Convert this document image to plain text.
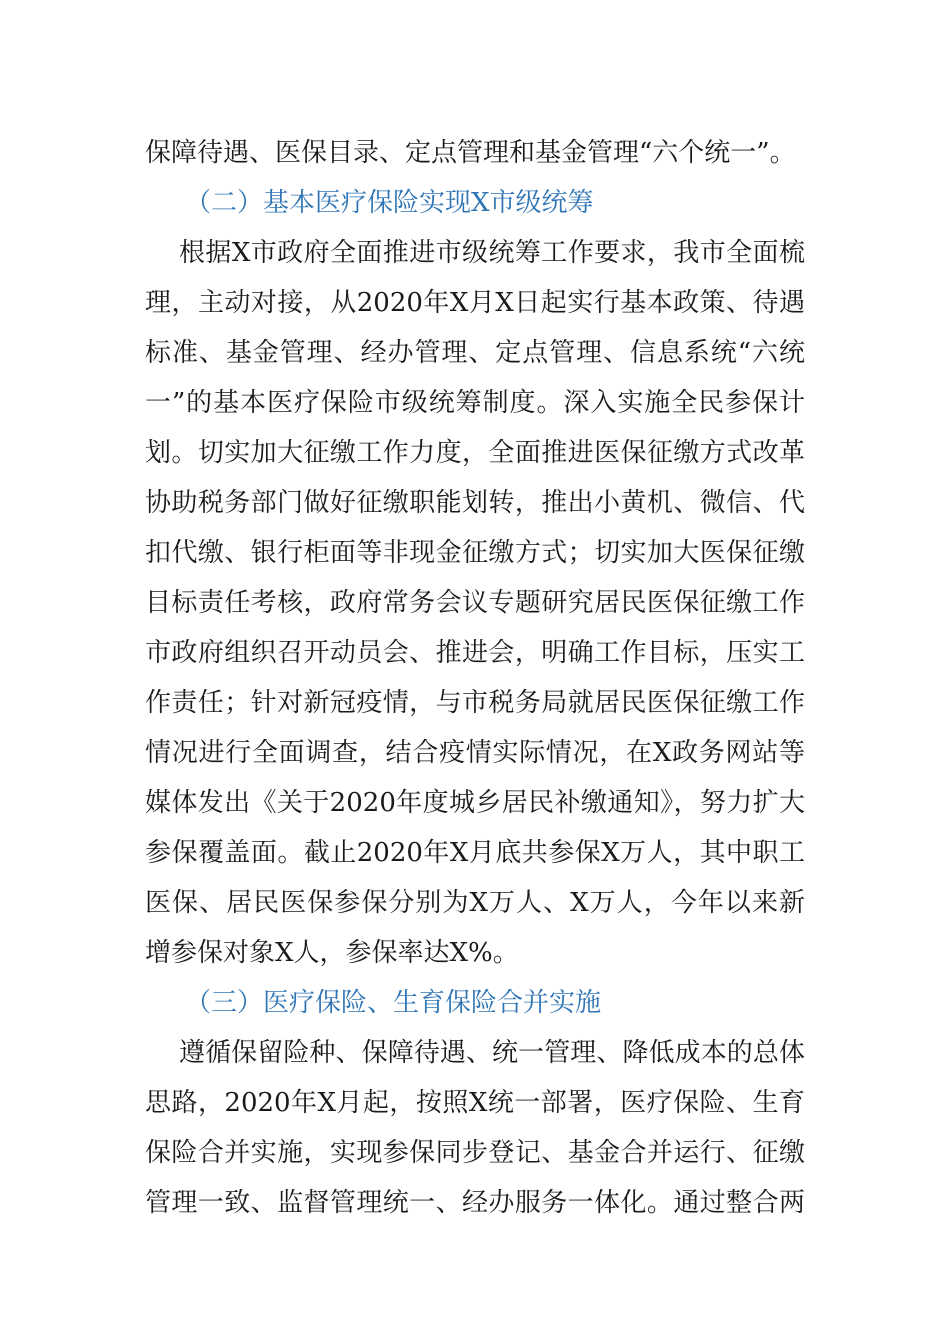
保障待遇、医保目录、定点管理和基金管理“六个统一”。
（二）基本医疗保险实现X市级统筹
根据X市政府全面推进市级统筹工作要求，我市全面梳
理，主动对接，从2020年X月X日起实行基本政策、待遇
标准、基金管理、经办管理、定点管理、信息系统“六统
一”的基本医疗保险市级统筹制度。深入实施全民参保计
划。切实加大征缴工作力度，全面推进医保征缴方式改革
协助税务部门做好征缴职能划转，推出小黄机、微信、代
扣代缴、银行柜面等非现金征缴方式；切实加大医保征缴
目标责任考核，政府常务会议专题研究居民医保征缴工作
市政府组织召开动员会、推进会，明确工作目标，压实工
作责任；针对新冠疫情，与市税务局就居民医保征缴工作
情况进行全面调查，结合疫情实际情况，在X政务网站等
媒体发出《关于2020年度城乡居民补缴通知》，努力扩大
参保覆盖面。截止2020年X月底共参保X万人，其中职工
医保、居民医保参保分别为X万人、X万人，今年以来新
增参保对象X人，参保率达X%。
（三）医疗保险、生育保险合并实施
遵循保留险种、保障待遇、统一管理、降低成本的总体
思路，2020年X月起，按照X统一部署，医疗保险、生育
保险合并实施，实现参保同步登记、基金合并运行、征缴
管理一致、监督管理统一、经办服务一体化。通过整合两
